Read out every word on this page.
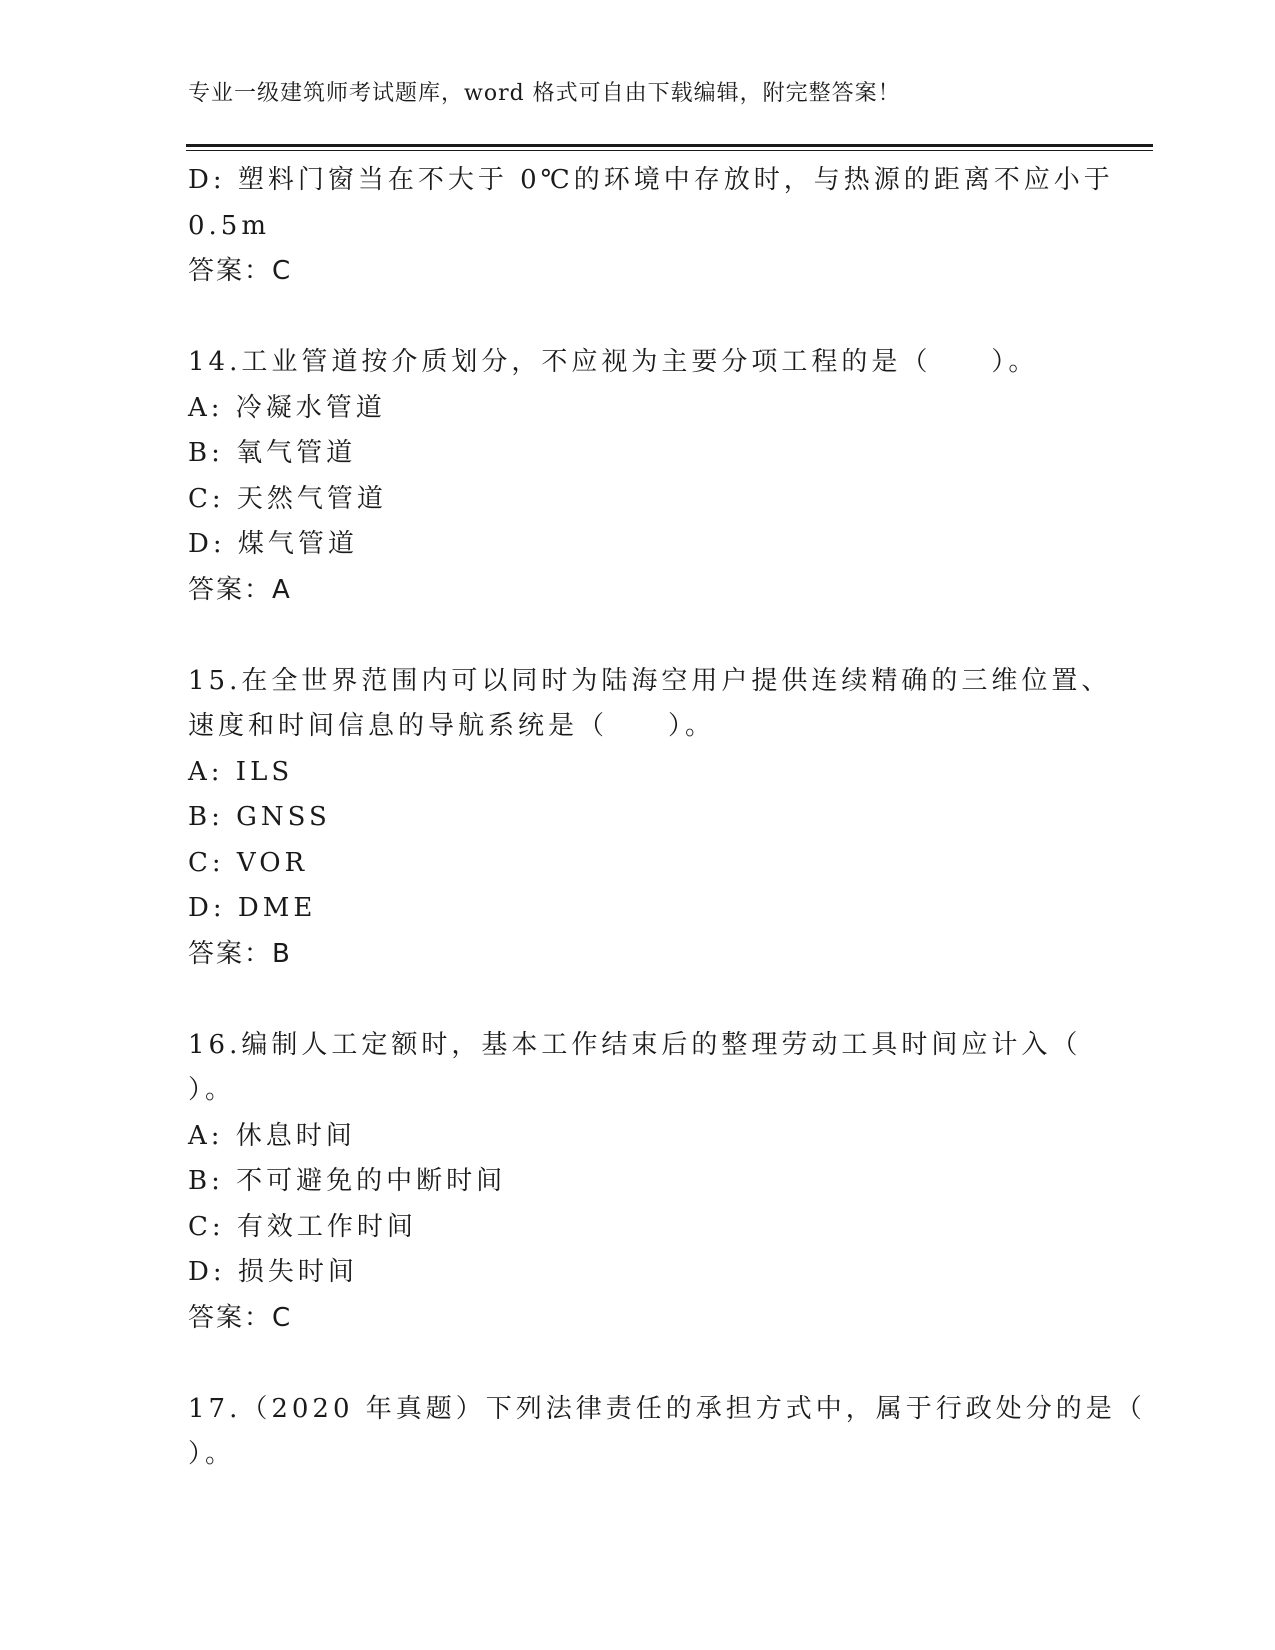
专业一级建筑师考试题库，word 格式可自由下载编辑，附完整答案！
D: 塑料门窗当在不大于 0℃的环境中存放时，与热源的距离不应小于
0.5m
答案：C
14.工业管道按介质划分，不应视为主要分项工程的是（　　）。
A: 冷凝水管道
B: 氧气管道
C: 天然气管道
D: 煤气管道
答案：A
15.在全世界范围内可以同时为陆海空用户提供连续精确的三维位置、
速度和时间信息的导航系统是（　　）。
A: ILS
B: GNSS
C: VOR
D: DME
答案：B
16.编制人工定额时，基本工作结束后的整理劳动工具时间应计入（
）。
A: 休息时间
B: 不可避免的中断时间
C: 有效工作时间
D: 损失时间
答案：C
17.（2020 年真题）下列法律责任的承担方式中，属于行政处分的是（
）。
